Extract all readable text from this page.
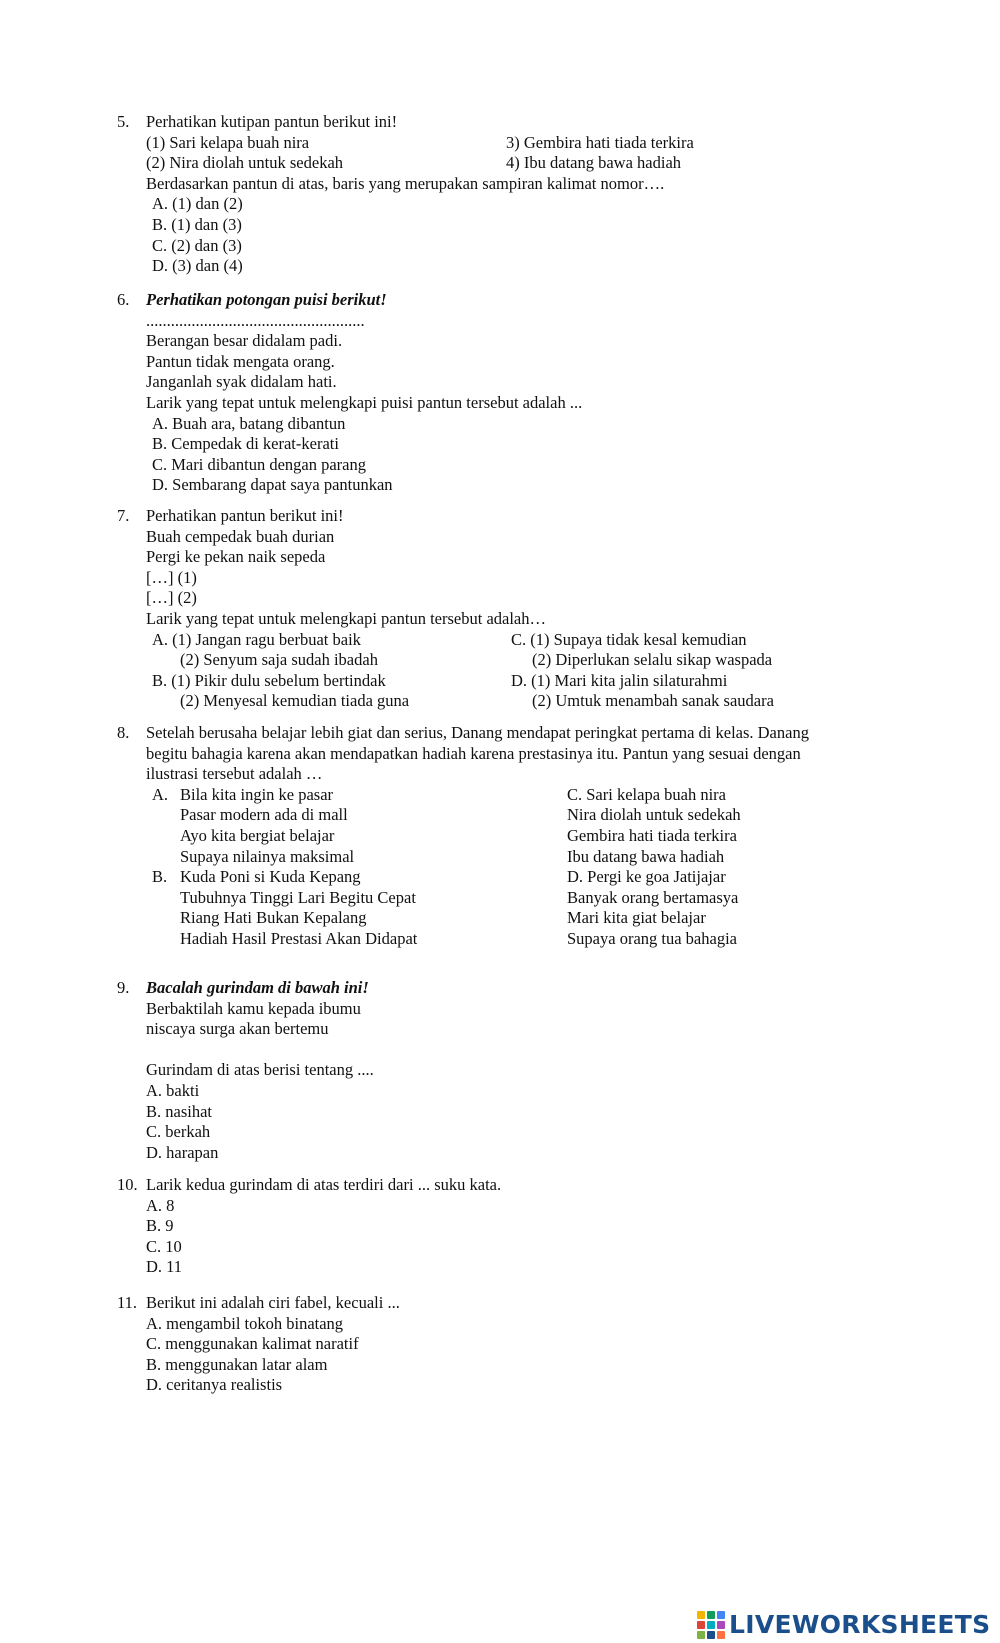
5. Perhatikan kutipan pantun berikut ini!
(1) Sari kelapa buah nira	3) Gembira hati tiada terkira
(2) Nira diolah untuk sedekah	4) Ibu datang bawa hadiah
Berdasarkan pantun di atas, baris yang merupakan sampiran kalimat nomor….
A. (1) dan (2)
B. (1) dan (3)
C. (2) dan (3)
D. (3) dan (4)
6. Perhatikan potongan puisi berikut!
.....................................................
Berangan besar didalam padi.
Pantun tidak mengata orang.
Janganlah syak didalam hati.
Larik yang tepat untuk melengkapi puisi pantun tersebut adalah ...
A. Buah ara, batang dibantun
B. Cempedak di kerat-kerati
C. Mari dibantun dengan parang
D. Sembarang dapat saya pantunkan
7. Perhatikan pantun berikut ini!
Buah cempedak buah durian
Pergi ke pekan naik sepeda
[…] (1)
[…] (2)
Larik yang tepat untuk melengkapi pantun tersebut adalah…
A. (1) Jangan ragu berbuat baik	C. (1) Supaya tidak kesal kemudian
(2) Senyum saja sudah ibadah	(2) Diperlukan selalu sikap waspada
B. (1) Pikir dulu sebelum bertindak	D. (1) Mari kita jalin silaturahmi
(2) Menyesal kemudian tiada guna	(2) Umtuk menambah sanak saudara
8. Setelah berusaha belajar lebih giat dan serius, Danang mendapat peringkat pertama di kelas. Danang
begitu bahagia karena akan mendapatkan hadiah karena prestasinya itu. Pantun yang sesuai dengan
ilustrasi tersebut adalah …
A. Bila kita ingin ke pasar	C. Sari kelapa buah nira
Pasar modern ada di mall	Nira diolah untuk sedekah
Ayo kita bergiat belajar	Gembira hati tiada terkira
Supaya nilainya maksimal	Ibu datang bawa hadiah
B. Kuda Poni si Kuda Kepang	D. Pergi ke goa Jatijajar
Tubuhnya Tinggi Lari Begitu Cepat	Banyak orang bertamasya
Riang Hati Bukan Kepalang	Mari kita giat belajar
Hadiah Hasil Prestasi Akan Didapat	Supaya orang tua bahagia
9. Bacalah gurindam di bawah ini!
Berbaktilah kamu kepada ibumu
niscaya surga akan bertemu
Gurindam di atas berisi tentang ....
A. bakti
B. nasihat
C. berkah
D. harapan
10. Larik kedua gurindam di atas terdiri dari ... suku kata.
A. 8
B. 9
C. 10
D. 11
11. Berikut ini adalah ciri fabel, kecuali ...
A. mengambil tokoh binatang
C. menggunakan kalimat naratif
B. menggunakan latar alam
D. ceritanya realistis
LIVEWORKSHEETS
